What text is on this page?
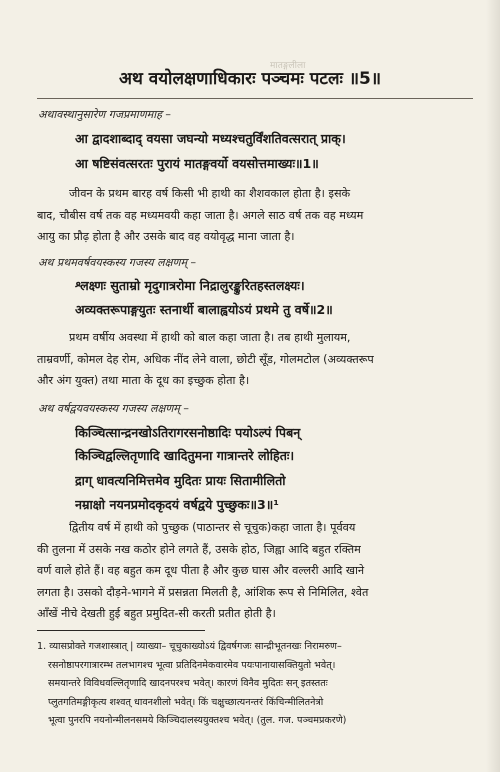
मातङ्गलीला
अथ वयोलक्षणाधिकारः पञ्चमः पटलः ॥5॥
अथावस्थानुसारेण गजप्रमाणमाह –
आ द्वादशाब्दाद् वयसा जघन्यो मध्यश्चतुर्विंशतिवत्सरात् प्राक्।
आ षष्टिसंवत्सरतः पुरायं मातङ्गवर्यो वयसोत्तमाख्यः॥1॥
जीवन के प्रथम बारह वर्ष किसी भी हाथी का शैशवकाल होता है। इसके
बाद, चौबीस वर्ष तक वह मध्यमवयी कहा जाता है। अगले साठ वर्ष तक वह मध्यम
आयु का प्रौढ़ होता है और उसके बाद वह वयोवृद्ध माना जाता है।
अथ प्रथमवर्षवयस्कस्य गजस्य लक्षणम् –
श्लक्ष्णः सुताम्रो मृदुगात्ररोमा निद्रालुरङ्कुरितहस्तलक्ष्यः।
अव्यक्तरूपाङ्गयुतः स्तनार्थी बालाह्वयोऽयं प्रथमे तु वर्षे॥2॥
प्रथम वर्षीय अवस्था में हाथी को बाल कहा जाता है। तब हाथी मुलायम,
ताम्रवर्णी, कोमल देह रोम, अधिक नींद लेने वाला, छोटी सूँड, गोलमटोल (अव्यक्तरूप
और अंग युक्त) तथा माता के दूध का इच्छुक होता है।
अथ वर्षद्वयवयस्कस्य गजस्य लक्षणम् –
किञ्चित्सान्द्रनखोऽतिरागरसनोष्ठादिः पयोऽल्पं पिबन्
किञ्चिद्वल्लितृणादि खादितुमना गात्रान्तरे लोहितः।
द्राग् धावत्यनिमित्तमेव मुदितः प्रायः सितामीलितो
नम्राक्षो नयनप्रमोदकृदयं वर्षद्वये पुच्छुकः॥3॥¹
द्वितीय वर्ष में हाथी को पुच्छुक (पाठान्तर से चूचुक)कहा जाता है। पूर्ववय
की तुलना में उसके नख कठोर होने लगते हैं, उसके होठ, जिह्वा आदि बहुत रक्तिम
वर्ण वाले होते हैं। वह बहुत कम दूध पीता है और कुछ घास और वल्लरी आदि खाने
लगता है। उसको दौड़ने-भागने में प्रसन्नता मिलती है, आंशिक रूप से निमिलित, श्वेत
आँखें नीचे देखती हुई बहुत प्रमुदित-सी करती प्रतीत होती है।
1. व्यासप्रोक्ते गजशास्त्रात् | व्याख्या– चूचुकाख्योऽयं द्विवर्षगजः सान्द्रीभूतनखः निरामरुण–
रसनोष्ठापरगात्रारम्भ तलभागश्च भूत्वा प्रतिदिनमेकवारमेव पयःपानायासक्तियुतो भवेत्।
समयान्तरे विविधवल्लितृणादि खादनपरश्च भवेत्। कारणं विनैव मुदितः सन् इतस्ततः
प्लुतगतिमङ्गीकृत्य शश्वत् धावनशीलो भवेत्। किं चक्षुच्छात्यनन्तरं किंचिन्मीलितनेत्रो
भूत्वा पुनरपि नयनोन्मीलनसमये किञ्चिदालस्ययुक्तश्च भवेत्। (तुल. गज. पञ्चमप्रकरणे)
